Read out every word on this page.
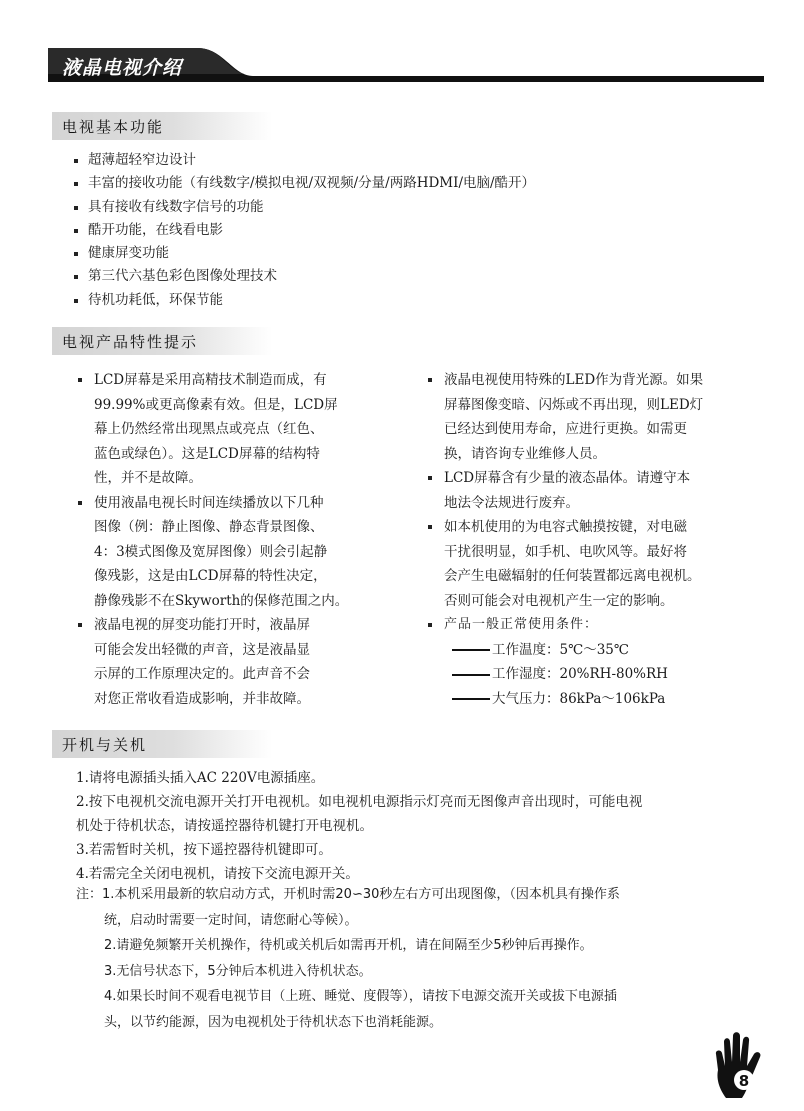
液晶电视介绍
电视基本功能
超薄超轻窄边设计
丰富的接收功能（有线数字/模拟电视/双视频/分量/两路HDMI/电脑/酷开）
具有接收有线数字信号的功能
酷开功能，在线看电影
健康屏变功能
第三代六基色彩色图像处理技术
待机功耗低，环保节能
电视产品特性提示
LCD屏幕是采用高精技术制造而成，有
99.99%或更高像素有效。但是，LCD屏
幕上仍然经常出现黑点或亮点（红色、
蓝色或绿色）。这是LCD屏幕的结构特
性，并不是故障。
使用液晶电视长时间连续播放以下几种
图像（例：静止图像、静态背景图像、
4：3模式图像及宽屏图像）则会引起静
像残影，这是由LCD屏幕的特性决定，
静像残影不在Skyworth的保修范围之内。
液晶电视的屏变功能打开时，液晶屏
可能会发出轻微的声音，这是液晶显
示屏的工作原理决定的。此声音不会
对您正常收看造成影响，并非故障。
液晶电视使用特殊的LED作为背光源。如果
屏幕图像变暗、闪烁或不再出现，则LED灯
已经达到使用寿命，应进行更换。如需更
换，请咨询专业维修人员。
LCD屏幕含有少量的液态晶体。请遵守本
地法令法规进行废弃。
如本机使用的为电容式触摸按键，对电磁
干扰很明显，如手机、电吹风等。最好将
会产生电磁辐射的任何装置都远离电视机。
否则可能会对电视机产生一定的影响。
产品一般正常使用条件：
工作温度：5℃～35℃
工作湿度：20%RH-80%RH
大气压力：86kPa～106kPa
开机与关机
1.请将电源插头插入AC 220V电源插座。
2.按下电视机交流电源开关打开电视机。如电视机电源指示灯亮而无图像声音出现时，可能电视
机处于待机状态，请按遥控器待机键打开电视机。
3.若需暂时关机，按下遥控器待机键即可。
4.若需完全关闭电视机，请按下交流电源开关。
注：1.本机采用最新的软启动方式，开机时需20∽30秒左右方可出现图像，（因本机具有操作系
统，启动时需要一定时间，请您耐心等候）。
2.请避免频繁开关机操作，待机或关机后如需再开机，请在间隔至少5秒钟后再操作。
3.无信号状态下，5分钟后本机进入待机状态。
4.如果长时间不观看电视节目（上班、睡觉、度假等），请按下电源交流开关或拔下电源插
头，以节约能源，因为电视机处于待机状态下也消耗能源。
8
